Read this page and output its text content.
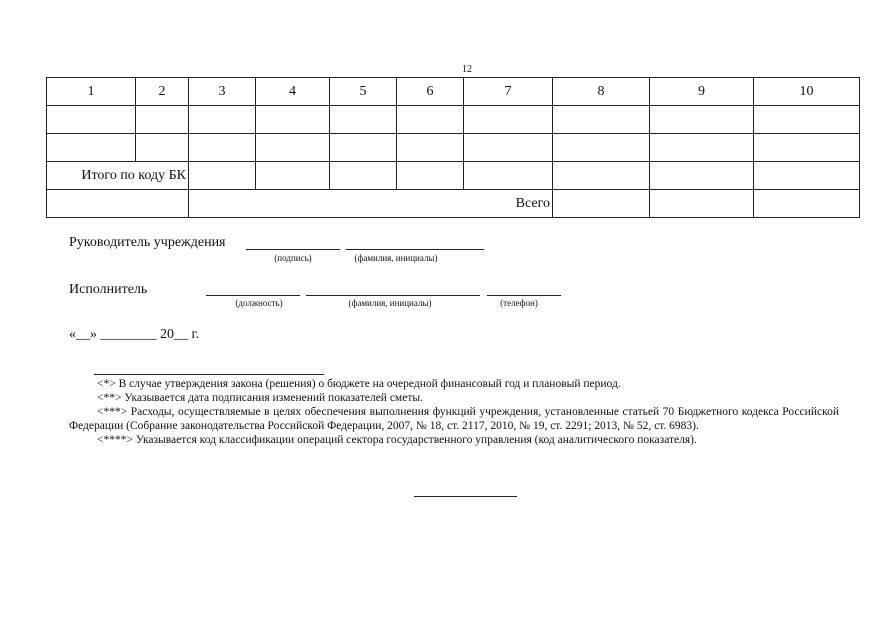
12
1	2	3	4	5	6	7	8	9	10

Итого по коду БК									
		Всего							
Руководитель учреждения
(подпись)	(фамилия, инициалы)
Исполнитель
(должность)	(фамилия, инициалы)	(телефон)
«__» ________ 20__ г.

<*> В случае утверждения закона (решения) о бюджете на очередной финансовый год и плановый период.

<**> Указывается дата подписания изменений показателей сметы.

<***> Расходы, осуществляемые в целях обеспечения выполнения функций учреждения, установленные статьей 70 Бюджетного кодекса Российской Федерации (Собрание законодательства Российской Федерации, 2007, № 18, ст. 2117, 2010, № 19, ст. 2291; 2013, № 52, ст. 6983).

<****> Указывается код классификации операций сектора государственного управления (код аналитического показателя).
